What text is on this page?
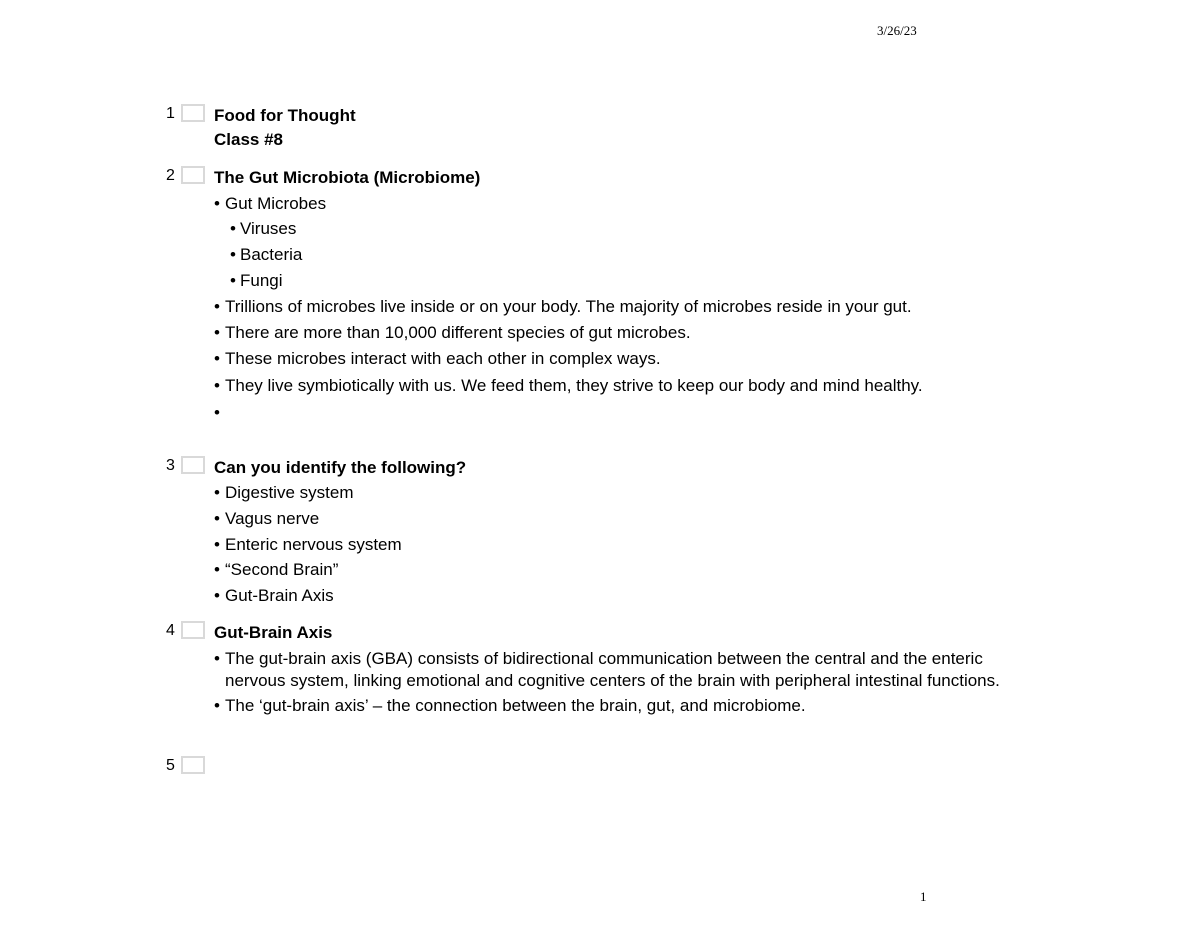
3/26/23
1 Food for Thought
Class #8
2 The Gut Microbiota (Microbiome)
• Gut Microbes
• Viruses
• Bacteria
• Fungi
• Trillions of microbes live inside or on your body. The majority of microbes reside in your gut.
• There are more than 10,000 different species of gut microbes.
• These microbes interact with each other in complex ways.
• They live symbiotically with us. We feed them, they strive to keep our body and mind healthy.
•
3 Can you identify the following?
• Digestive system
• Vagus nerve
• Enteric nervous system
• “Second Brain”
• Gut-Brain Axis
4 Gut-Brain Axis
• The gut-brain axis (GBA) consists of bidirectional communication between the central and the enteric nervous system, linking emotional and cognitive centers of the brain with peripheral intestinal functions.
• The ‘gut-brain axis’ – the connection between the brain, gut, and microbiome.
5
1
